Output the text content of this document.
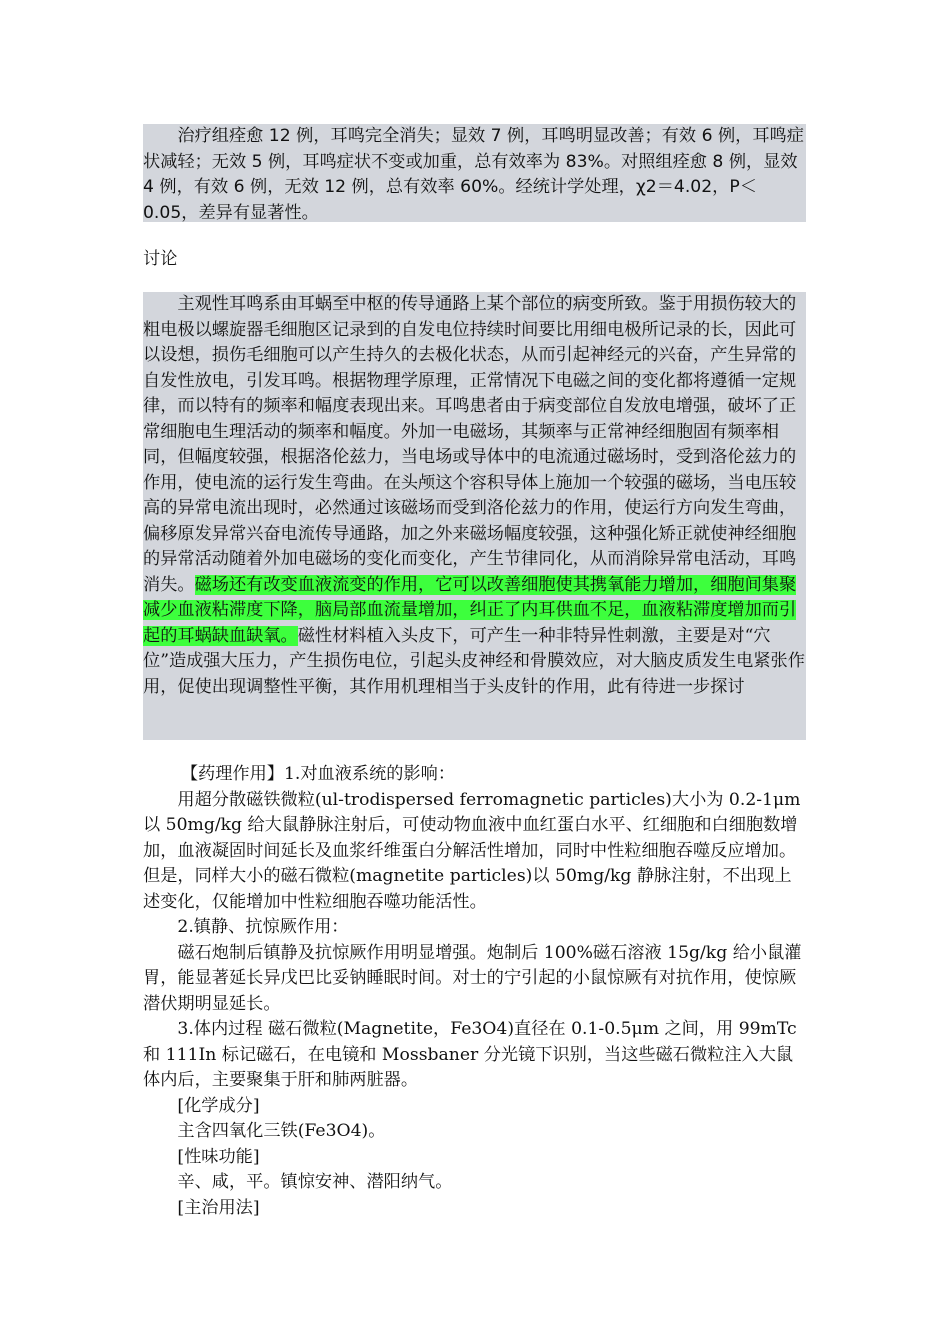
治疗组痊愈 12 例，耳鸣完全消失；显效 7 例，耳鸣明显改善；有效 6 例，耳鸣症状减轻；无效 5 例，耳鸣症状不变或加重，总有效率为 83%。对照组痊愈 8 例，显效 4 例，有效 6 例，无效 12 例，总有效率 60%。经统计学处理，χ2＝4.02，P＜0.05，差异有显著性。
讨论
主观性耳鸣系由耳蜗至中枢的传导通路上某个部位的病变所致。鉴于用损伤较大的粗电极以螺旋器毛细胞区记录到的自发电位持续时间要比用细电极所记录的长，因此可以设想，损伤毛细胞可以产生持久的去极化状态，从而引起神经元的兴奋，产生异常的自发性放电，引发耳鸣。根据物理学原理，正常情况下电磁之间的变化都将遵循一定规律，而以特有的频率和幅度表现出来。耳鸣患者由于病变部位自发放电增强，破坏了正常细胞电生理活动的频率和幅度。外加一电磁场，其频率与正常神经细胞固有频率相同，但幅度较强，根据洛伦兹力，当电场或导体中的电流通过磁场时，受到洛伦兹力的作用，使电流的运行发生弯曲。在头颅这个容积导体上施加一个较强的磁场，当电压较高的异常电流出现时，必然通过该磁场而受到洛伦兹力的作用，使运行方向发生弯曲，偏移原发异常兴奋电流传导通路，加之外来磁场幅度较强，这种强化矫正就使神经细胞的异常活动随着外加电磁场的变化而变化，产生节律同化，从而消除异常电活动，耳鸣消失。磁场还有改变血液流变的作用，它可以改善细胞使其携氧能力增加，细胞间集聚减少血液粘滞度下降，脑局部血流量增加，纠正了内耳供血不足，血液粘滞度增加而引起的耳蜗缺血缺氧。磁性材料植入头皮下，可产生一种非特异性刺激，主要是对“穴位”造成强大压力，产生损伤电位，引起头皮神经和骨膜效应，对大脑皮质发生电紧张作用，促使出现调整性平衡，其作用机理相当于头皮针的作用，此有待进一步探讨

【药理作用】1.对血液系统的影响：

用超分散磁铁微粒(ul-trodispersed ferromagnetic particles)大小为 0.2-1μm 以 50mg/kg 给大鼠静脉注射后，可使动物血液中血红蛋白水平、红细胞和白细胞数增加，血液凝固时间延长及血浆纤维蛋白分解活性增加，同时中性粒细胞吞噬反应增加。但是，同样大小的磁石微粒(magnetite particles)以 50mg/kg 静脉注射，不出现上述变化，仅能增加中性粒细胞吞噬功能活性。

2.镇静、抗惊厥作用：

磁石炮制后镇静及抗惊厥作用明显增强。炮制后 100%磁石溶液 15g/kg 给小鼠灌胃，能显著延长异戊巴比妥钠睡眠时间。对士的宁引起的小鼠惊厥有对抗作用，使惊厥潜伏期明显延长。

3.体内过程 磁石微粒(Magnetite，Fe3O4)直径在 0.1-0.5μm 之间，用 99mTc 和 111In 标记磁石，在电镜和 Mossbaner 分光镜下识别，当这些磁石微粒注入大鼠体内后，主要聚集于肝和肺两脏器。

[化学成分]

主含四氧化三铁(Fe3O4)。

[性味功能]

辛、咸，平。镇惊安神、潜阳纳气。

[主治用法]
